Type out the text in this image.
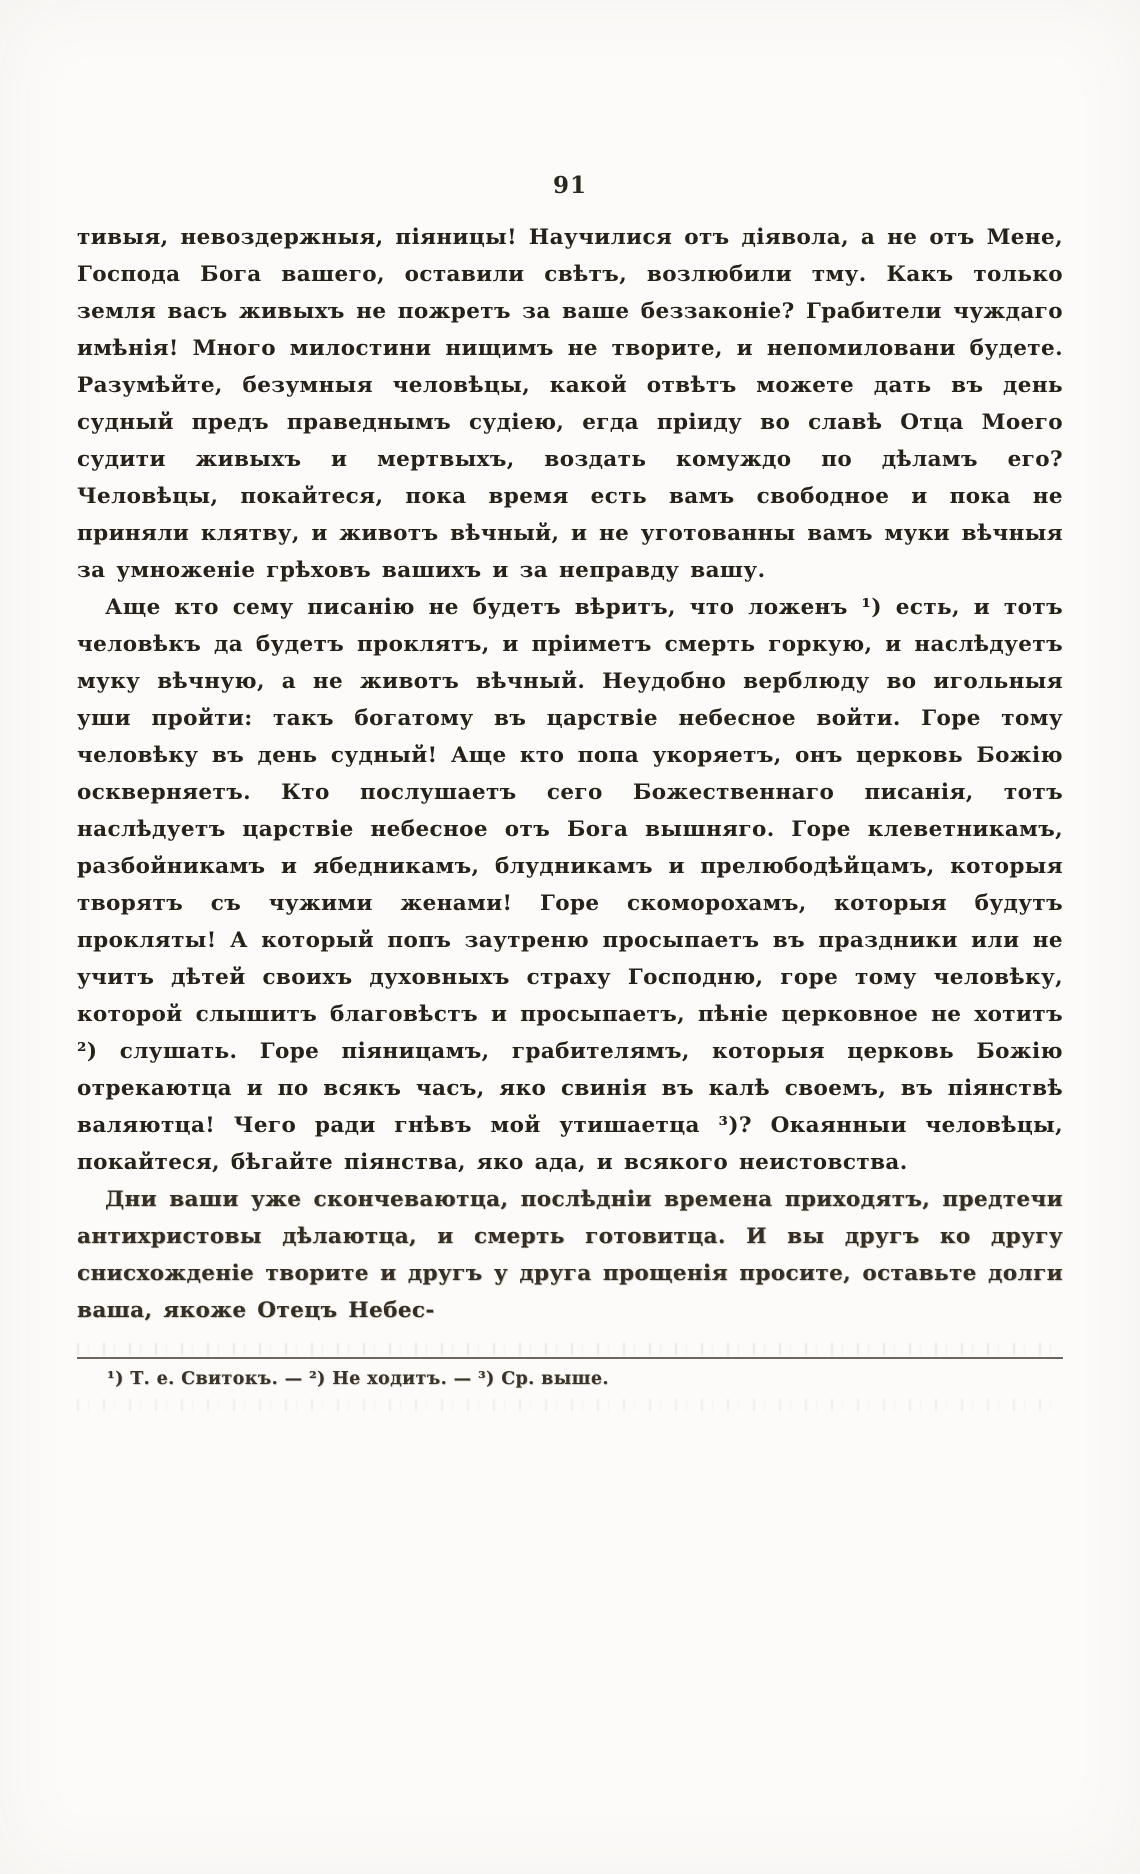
91

тивыя, невоздержныя, піяницы! Научилися отъ діявола, а не отъ Мене, Господа Бога вашего, оставили свѣтъ, возлюбили тму. Какъ только земля васъ живыхъ не пожретъ за ваше беззаконіе? Грабители чуждаго имѣнія! Много милостини нищимъ не творите, и непомиловани будете. Разумѣйте, безумныя человѣцы, какой отвѣтъ можете дать въ день судный предъ праведнымъ судіею, егда пріиду во славѣ Отца Моего судити живыхъ и мертвыхъ, воздать комуждо по дѣламъ его? Человѣцы, покайтеся, пока время есть вамъ свободное и пока не приняли клятву, и животъ вѣчный, и не уготованны вамъ муки вѣчныя за умноженіе грѣховъ вашихъ и за неправду вашу.

Аще кто сему писанію не будетъ вѣритъ, что ложенъ ¹) есть, и тотъ человѣкъ да будетъ проклятъ, и пріиметъ смерть горкую, и наслѣдуетъ муку вѣчную, а не животъ вѣчный. Неудобно верблюду во игольныя уши пройти: такъ богатому въ царствіе небесное войти. Горе тому человѣку въ день судный! Аще кто попа укоряетъ, онъ церковь Божію оскверняетъ. Кто послушаетъ сего Божественнаго писанія, тотъ наслѣдуетъ царствіе небесное отъ Бога вышняго. Горе клеветникамъ, разбойникамъ и ябедникамъ, блудникамъ и прелюбодѣйцамъ, которыя творятъ съ чужими женами! Горе скоморохамъ, которыя будутъ прокляты! А который попъ заутреню просыпаетъ въ праздники или не учитъ дѣтей своихъ духовныхъ страху Господню, горе тому человѣку, которой слышитъ благовѣстъ и просыпаетъ, пѣніе церковное не хотитъ ²) слушать. Горе піяницамъ, грабителямъ, которыя церковь Божію отрекаютца и по всякъ часъ, яко свинія въ калѣ своемъ, въ піянствѣ валяютца! Чего ради гнѣвъ мой утишаетца ³)? Окаянныи человѣцы, покайтеся, бѣгайте піянства, яко ада, и всякого неистовства.

Дни ваши уже скончеваютца, послѣдніи времена приходятъ, предтечи антихристовы дѣлаютца, и смерть готовитца. И вы другъ ко другу снисхожденіе творите и другъ у друга прощенія просите, оставьте долги ваша, якоже Отецъ Небес-

¹) Т. е. Свитокъ. — ²) Не ходитъ. — ³) Ср. выше.
